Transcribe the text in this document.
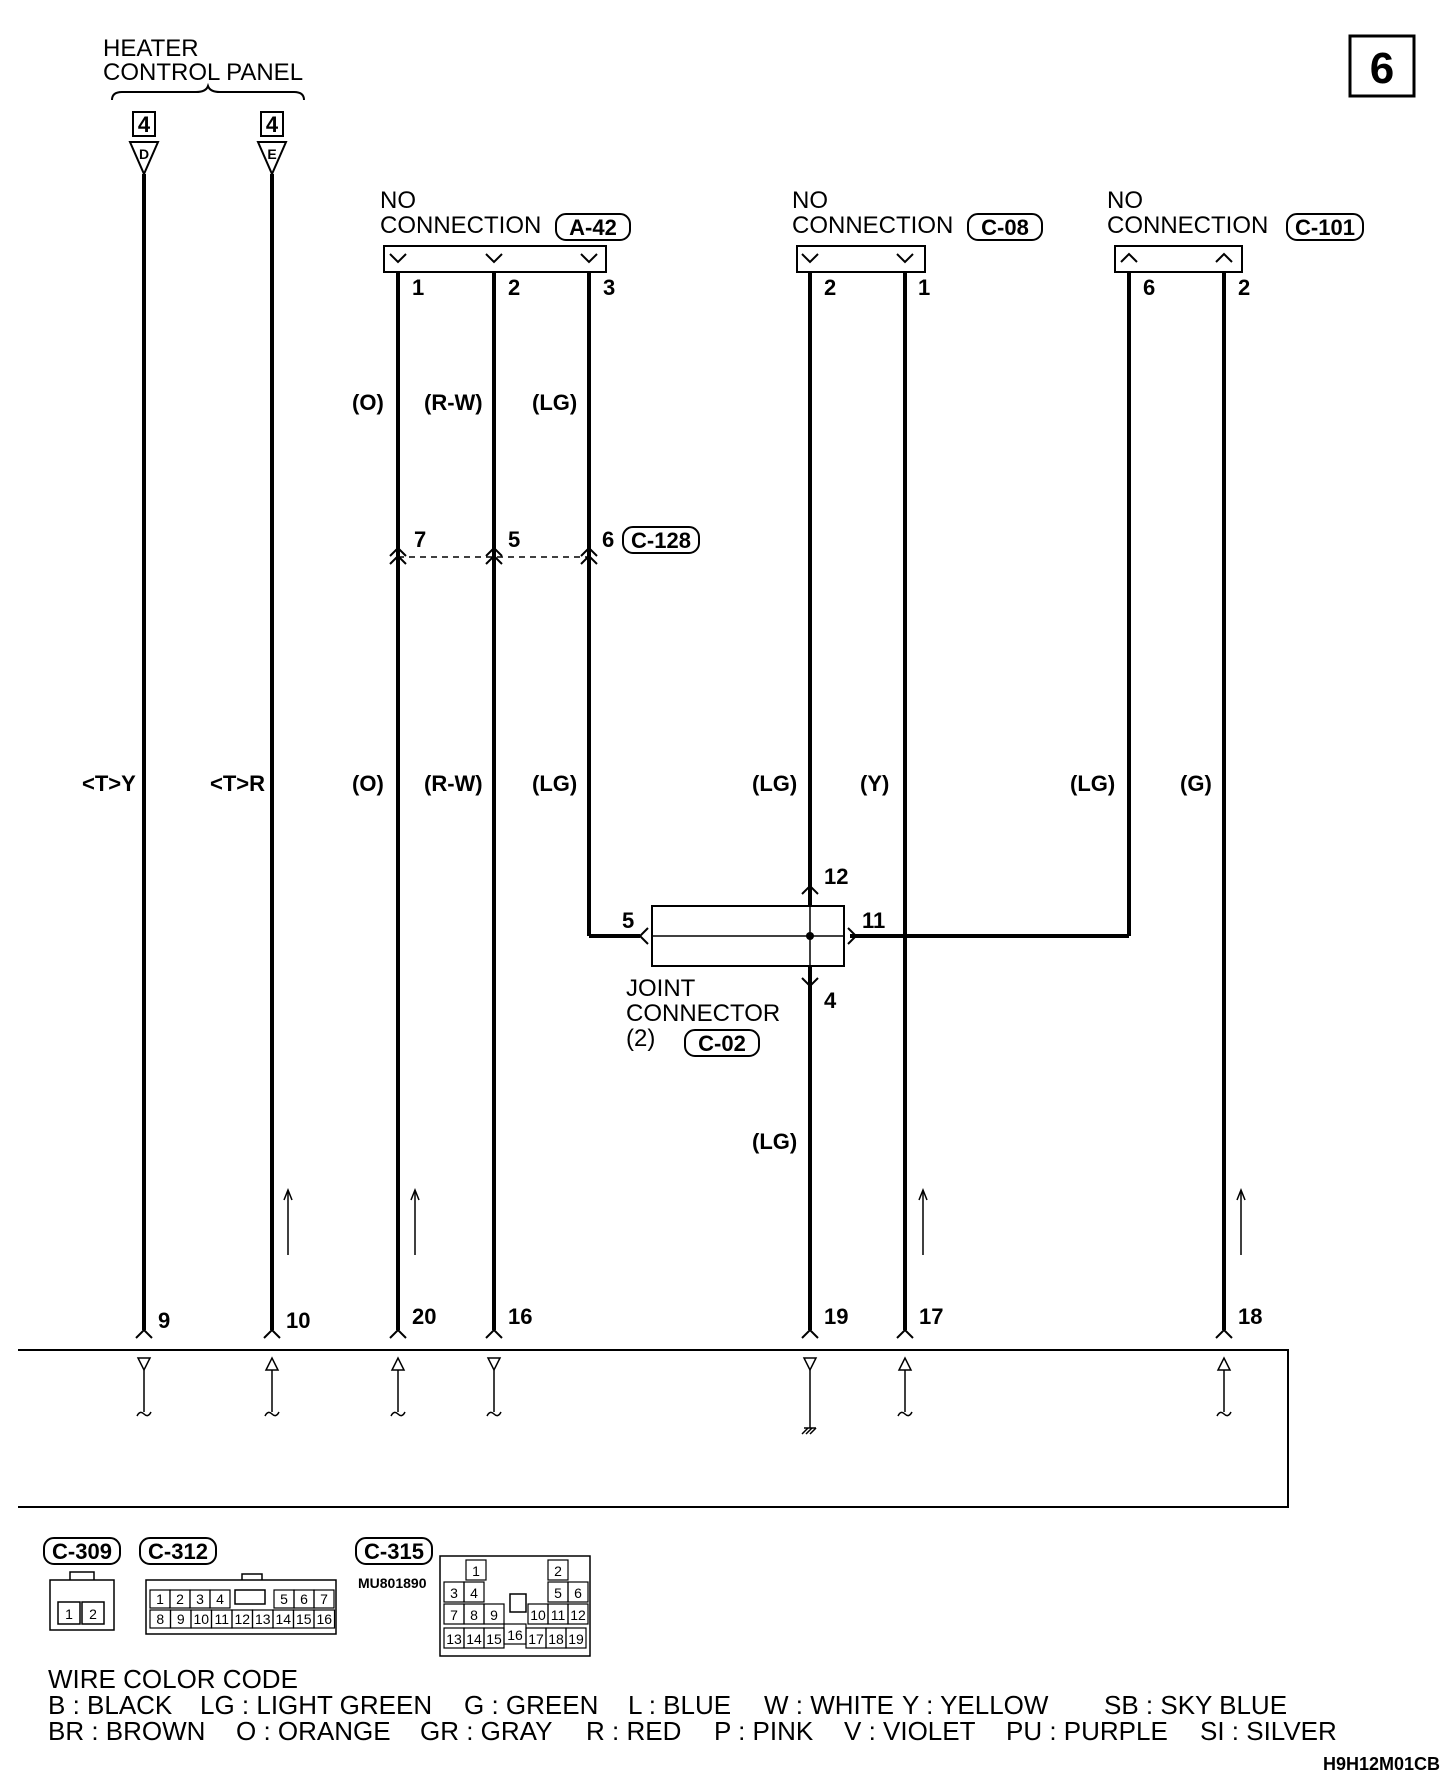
6
HEATER
CONTROL PANEL
4	4
D	E
NO
CONNECTION A-42
1	2	3
NO
CONNECTION C-08
2	1
NO
CONNECTION C-101
6	2
(O) (R-W) (LG)
7	5	6 C-128
<T>Y	<T>R	(O) (R-W) (LG)	(LG)	(Y)	(LG)	(G)
5	11
12
4
JOINT
CONNECTOR
(2) C-02
(LG)
9	10	20	16	19	17	18
C-309
1 2
C-312	C-315
MU801890
1	2
3 4	5 6
7 8 9 10 11 12
13 14 15 16 17 18 19
1 2 3 4	5 6 7
8 9 10 11 12 13 14 15 16
WIRE COLOR CODE
B : BLACK LG : LIGHT GREEN G : GREEN L : BLUE W : WHITE Y : YELLOW SB : SKY BLUE
BR : BROWN O : ORANGE GR : GRAY R : RED P : PINK V : VIOLET PU : PURPLE SI : SILVER
H9H12M01CB
